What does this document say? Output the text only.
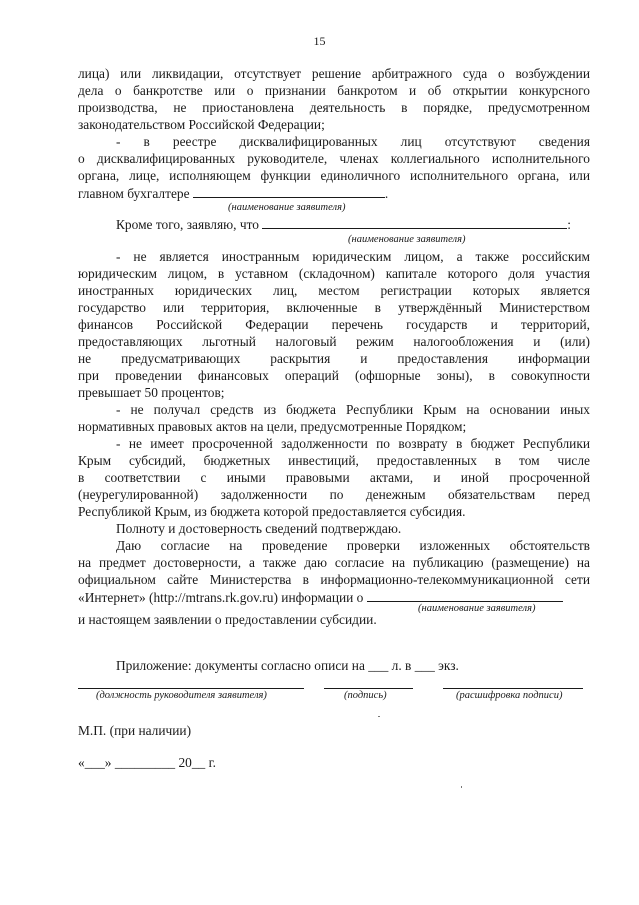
15
лица) или ликвидации, отсутствует решение арбитражного суда о возбуждении
дела о банкротстве или о признании банкротом и об открытии конкурсного
производства, не приостановлена деятельность в порядке, предусмотренном
законодательством Российской Федерации;
- в реестре дисквалифицированных лиц отсутствуют сведения
о дисквалифицированных руководителе, членах коллегиального исполнительного
органа, лице, исполняющем функции единоличного исполнительного органа, или
главном бухгалтере	.
(наименование заявителя)
Кроме того, заявляю, что	:
(наименование заявителя)
- не является иностранным юридическим лицом, а также российским
юридическим лицом, в уставном (складочном) капитале которого доля участия
иностранных юридических лиц, местом регистрации которых является
государство или территория, включенные в утверждённый Министерством
финансов Российской Федерации перечень государств и территорий,
предоставляющих льготный налоговый режим налогообложения и (или)
не предусматривающих раскрытия и предоставления информации
при проведении финансовых операций (офшорные зоны), в совокупности
превышает 50 процентов;
- не получал средств из бюджета Республики Крым на основании иных
нормативных правовых актов на цели, предусмотренные Порядком;
- не имеет просроченной задолженности по возврату в бюджет Республики
Крым субсидий, бюджетных инвестиций, предоставленных в том числе
в соответствии с иными правовыми актами, и иной просроченной
(неурегулированной) задолженности по денежным обязательствам перед
Республикой Крым, из бюджета которой предоставляется субсидия.
Полноту и достоверность сведений подтверждаю.
Даю согласие на проведение проверки изложенных обстоятельств
на предмет достоверности, а также даю согласие на публикацию (размещение) на
официальном сайте Министерства в информационно-телекоммуникационной сети
«Интернет» (http://mtrans.rk.gov.ru) информации о
(наименование заявителя)
и настоящем заявлении о предоставлении субсидии.
Приложение: документы согласно описи на ___ л. в ___ экз.
(должность руководителя заявителя)	(подпись)	(расшифровка подписи)
М.П. (при наличии)
«___» _________ 20__ г.
